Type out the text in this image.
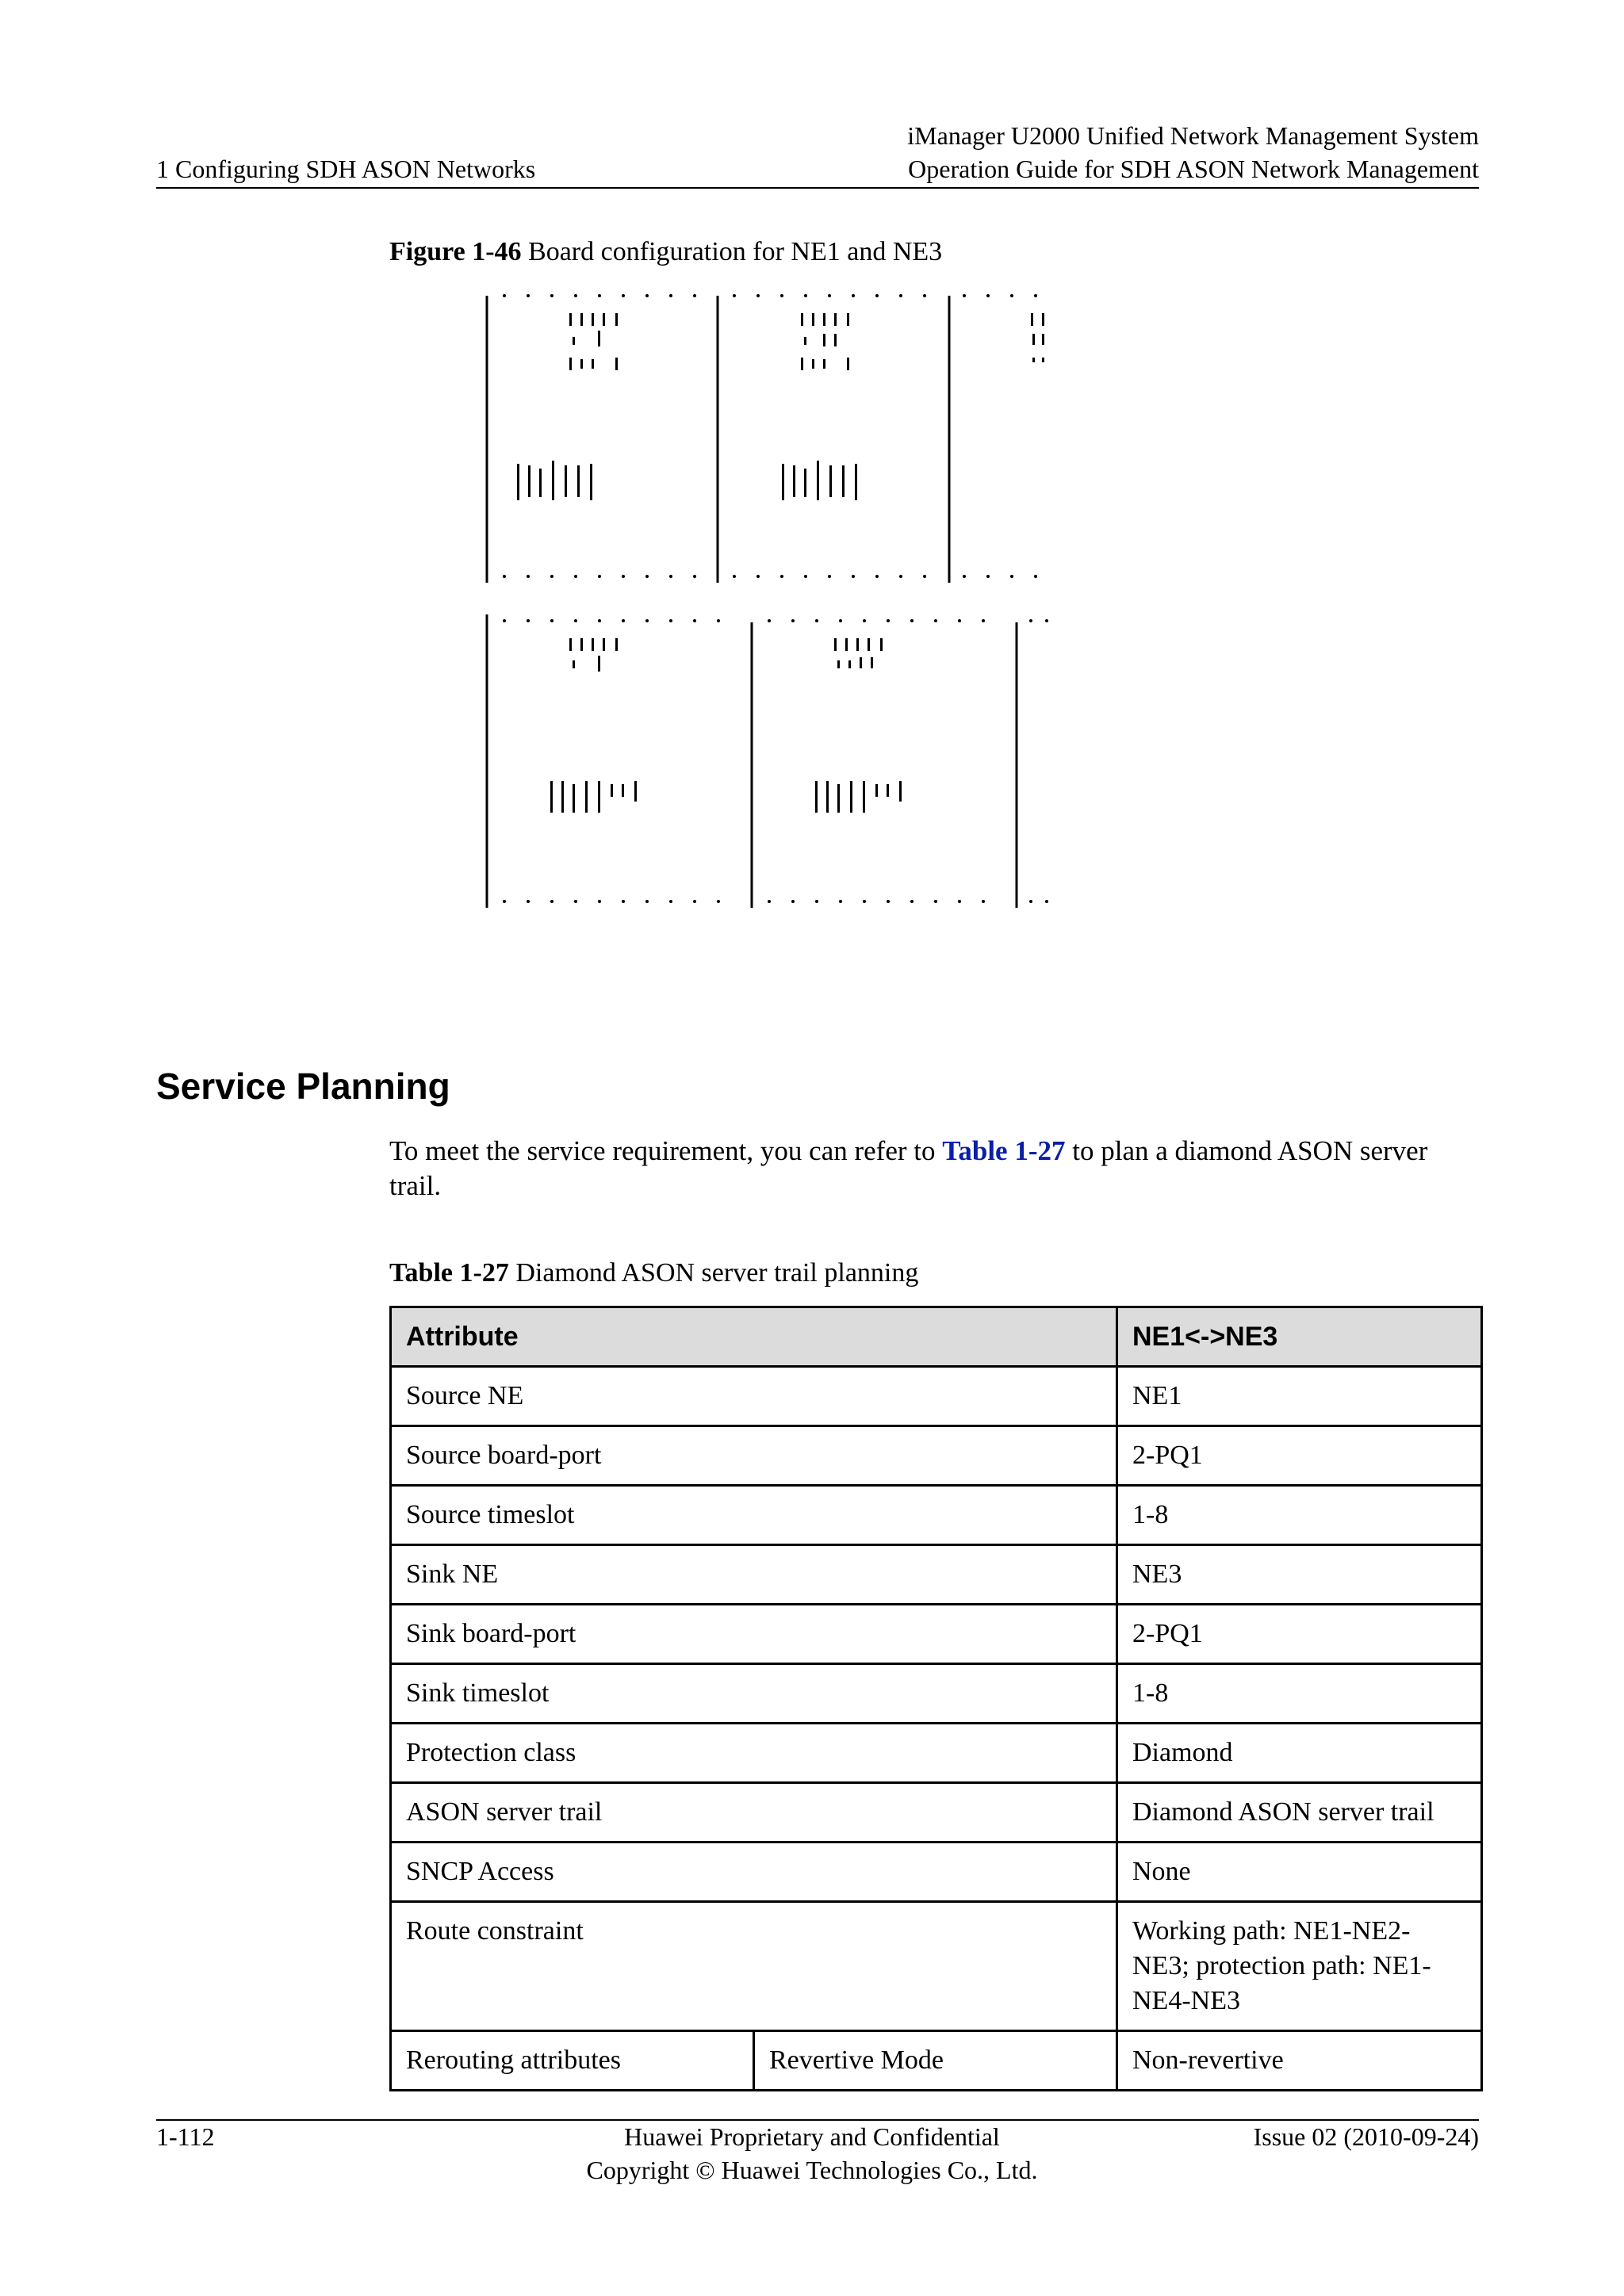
1 Configuring SDH ASON Networks
iManager U2000 Unified Network Management System
Operation Guide for SDH ASON Network Management
Figure 1-46 Board configuration for NE1 and NE3
Service Planning
To meet the service requirement, you can refer to Table 1-27 to plan a diamond ASON server trail.
Table 1-27 Diamond ASON server trail planning
Attribute		NE1<->NE3
Source NE		NE1
Source board-port		2-PQ1
Source timeslot		1-8
Sink NE		NE3
Sink board-port		2-PQ1
Sink timeslot		1-8
Protection class		Diamond
ASON server trail		Diamond ASON server trail
SNCP Access		None
Route constraint		Working path: NE1-NE2-NE3; protection path: NE1-NE4-NE3
Rerouting attributes	Revertive Mode	Non-revertive
1-112	Huawei Proprietary and Confidential
Copyright © Huawei Technologies Co., Ltd.
Issue 02 (2010-09-24)
